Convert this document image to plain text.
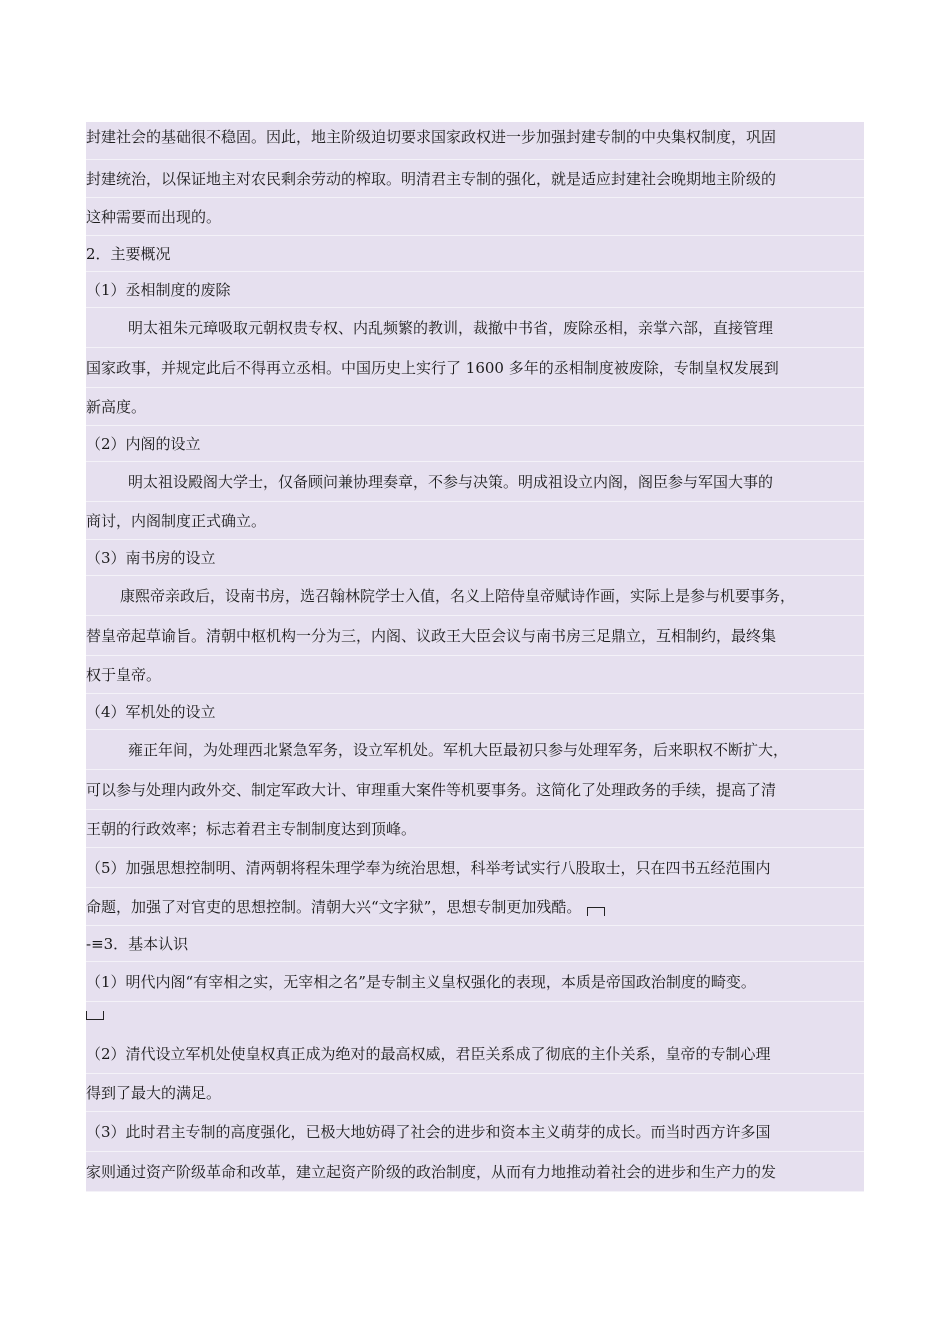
封建社会的基础很不稳固。因此，地主阶级迫切要求国家政权进一步加强封建专制的中央集权制度，巩固
封建统治，以保证地主对农民剩余劳动的榨取。明清君主专制的强化，就是适应封建社会晚期地主阶级的
这种需要而出现的。
2．主要概况
（1）丞相制度的废除
明太祖朱元璋吸取元朝权贵专权、内乱频繁的教训，裁撤中书省，废除丞相，亲掌六部，直接管理
国家政事，并规定此后不得再立丞相。中国历史上实行了 1600 多年的丞相制度被废除，专制皇权发展到
新高度。
（2）内阁的设立
明太祖设殿阁大学士，仅备顾问兼协理奏章，不参与决策。明成祖设立内阁，阁臣参与军国大事的
商讨，内阁制度正式确立。
（3）南书房的设立
康熙帝亲政后，设南书房，选召翰林院学士入值，名义上陪侍皇帝赋诗作画，实际上是参与机要事务，
替皇帝起草谕旨。清朝中枢机构一分为三，内阁、议政王大臣会议与南书房三足鼎立，互相制约，最终集
权于皇帝。
（4）军机处的设立
雍正年间，为处理西北紧急军务，设立军机处。军机大臣最初只参与处理军务，后来职权不断扩大，
可以参与处理内政外交、制定军政大计、审理重大案件等机要事务。这简化了处理政务的手续，提高了清
王朝的行政效率；标志着君主专制制度达到顶峰。
（5）加强思想控制明、清两朝将程朱理学奉为统治思想，科举考试实行八股取士，只在四书五经范围内
命题，加强了对官吏的思想控制。清朝大兴“文字狱”，思想专制更加残酷。
-≡3．基本认识
（1）明代内阁“有宰相之实，无宰相之名”是专制主义皇权强化的表现，本质是帝国政治制度的畸变。
（2）清代设立军机处使皇权真正成为绝对的最高权威，君臣关系成了彻底的主仆关系，皇帝的专制心理
得到了最大的满足。
（3）此时君主专制的高度强化，已极大地妨碍了社会的进步和资本主义萌芽的成长。而当时西方许多国
家则通过资产阶级革命和改革，建立起资产阶级的政治制度，从而有力地推动着社会的进步和生产力的发
